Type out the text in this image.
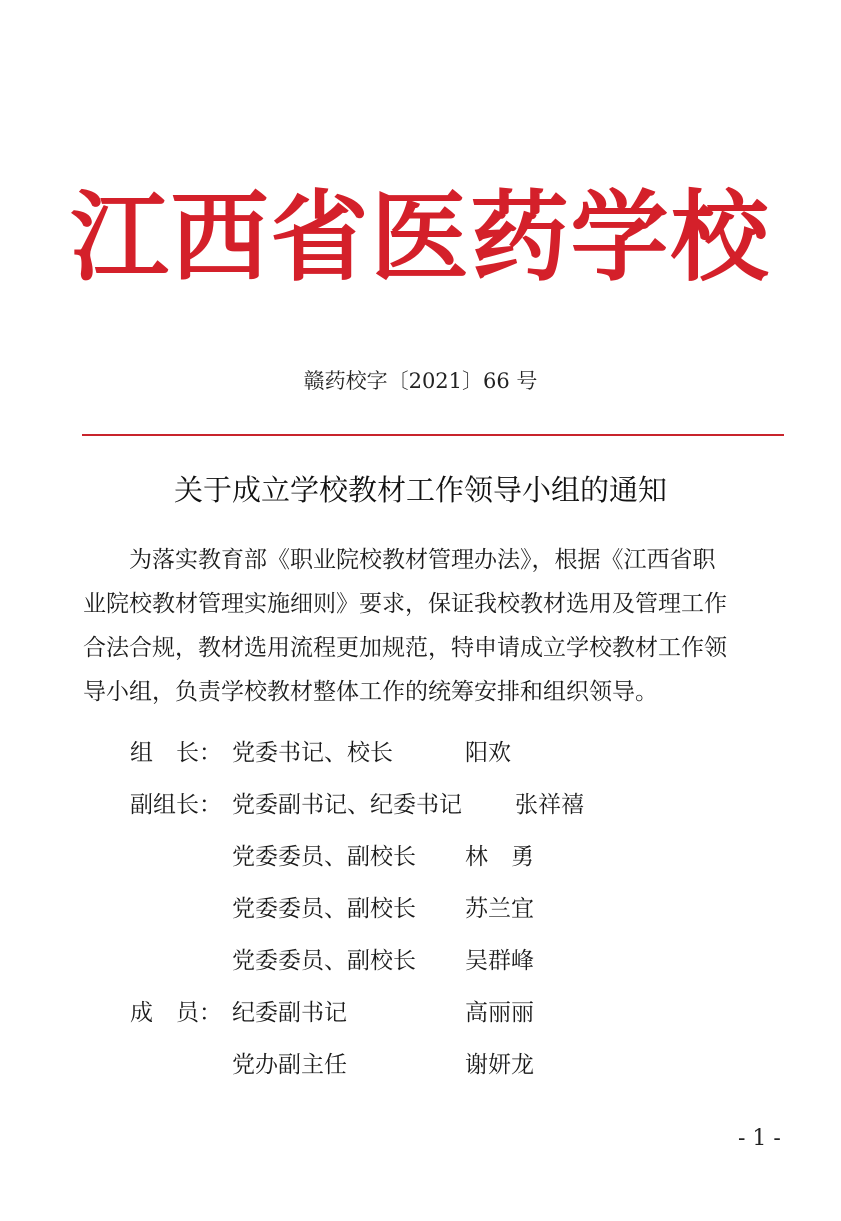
江西省医药学校
赣药校字〔2021〕66 号
关于成立学校教材工作领导小组的通知
为落实教育部《职业院校教材管理办法》，根据《江西省职
业院校教材管理实施细则》要求，保证我校教材选用及管理工作
合法合规，教材选用流程更加规范，特申请成立学校教材工作领
导小组，负责学校教材整体工作的统筹安排和组织领导。
组　长： 党委书记、校长	阳欢
副组长： 党委副书记、纪委书记 张祥禧
党委委员、副校长 林　勇
党委委员、副校长 苏兰宜
党委委员、副校长 吴群峰
成　员： 纪委副书记	高丽丽
党办副主任	谢妍龙
- 1 -
